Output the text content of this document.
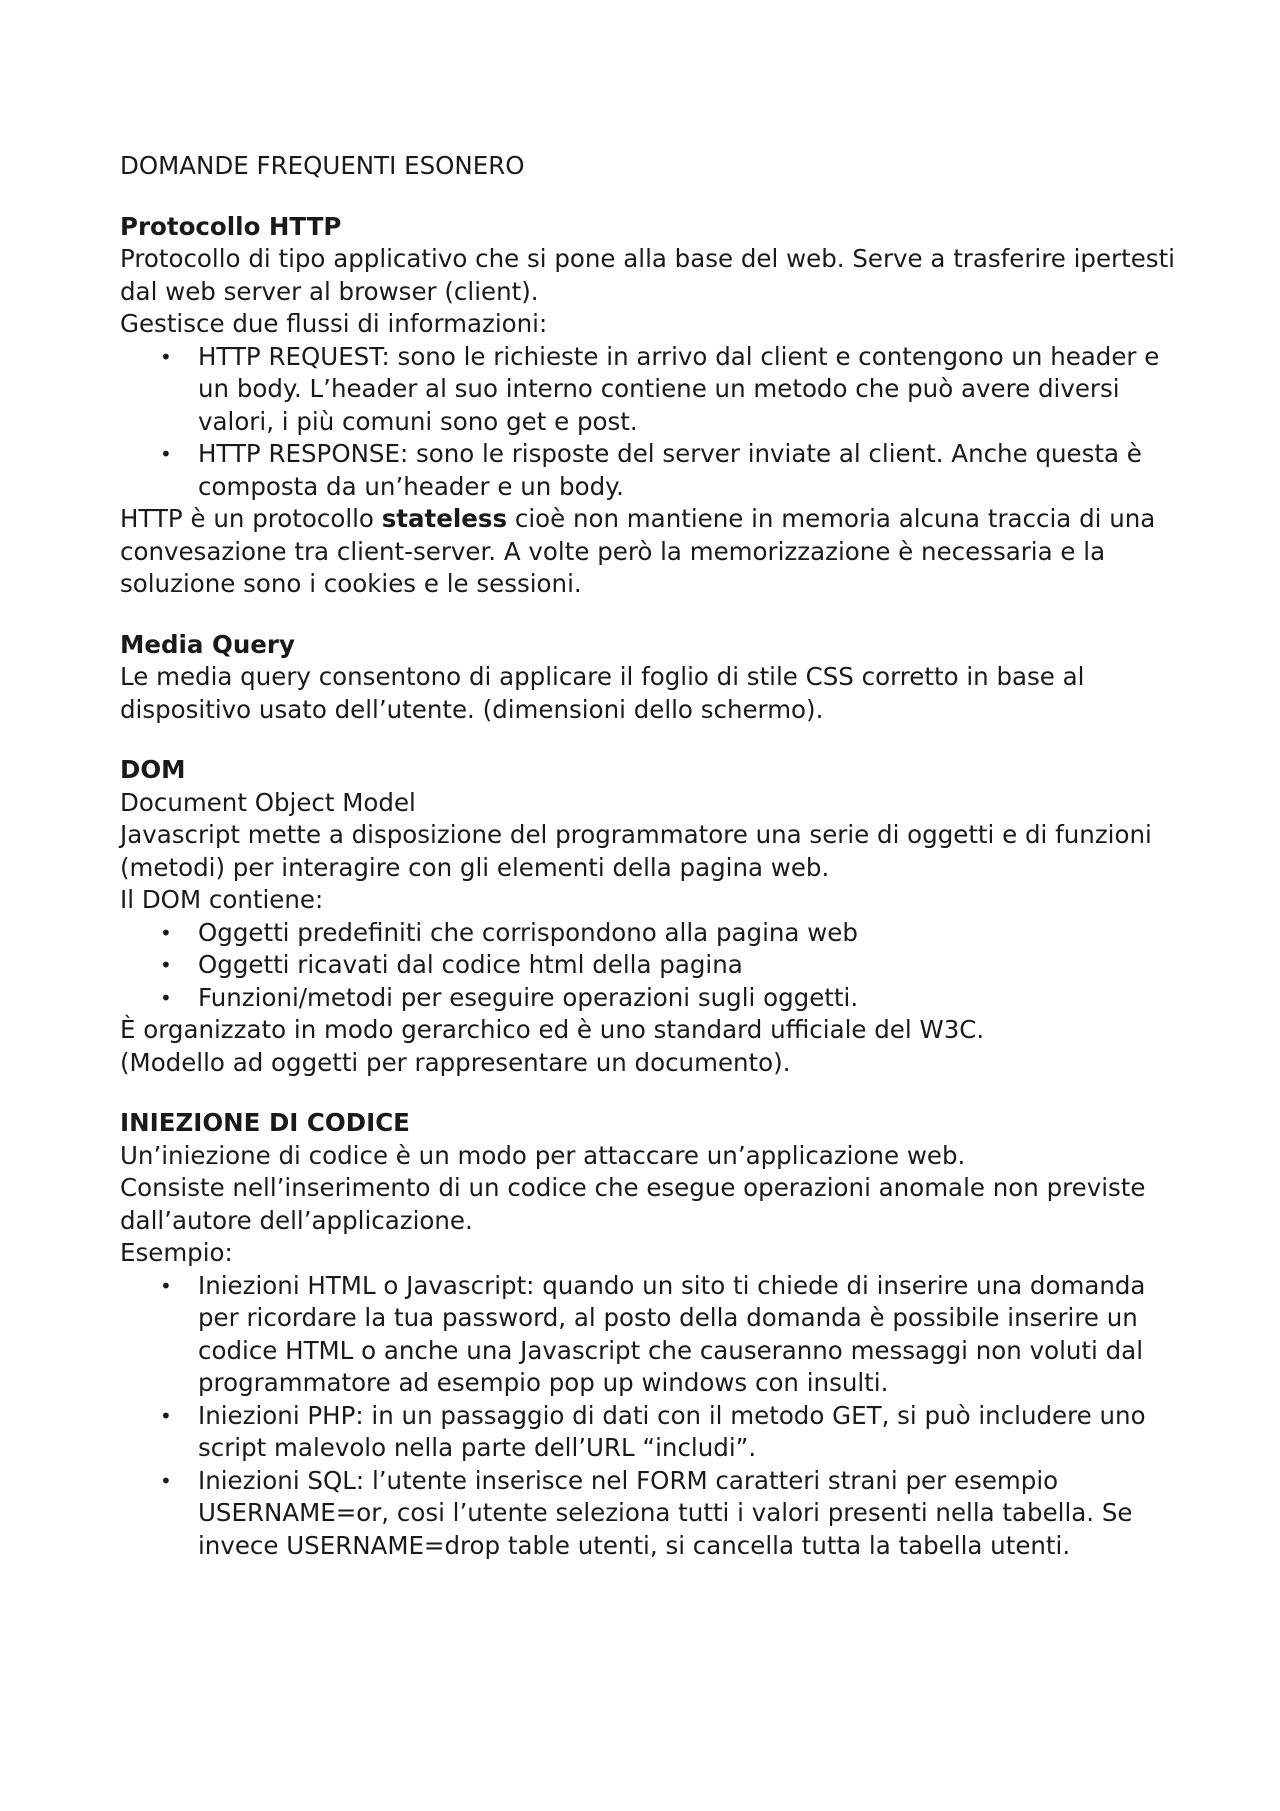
DOMANDE FREQUENTI ESONERO

Protocollo HTTP

Protocollo di tipo applicativo che si pone alla base del web. Serve a trasferire ipertesti dal web server al browser (client).

Gestisce due flussi di informazioni:

• HTTP REQUEST: sono le richieste in arrivo dal client e contengono un header e un body. L’header al suo interno contiene un metodo che può avere diversi valori, i più comuni sono get e post.
• HTTP RESPONSE: sono le risposte del server inviate al client. Anche questa è composta da un’header e un body.

HTTP è un protocollo stateless cioè non mantiene in memoria alcuna traccia di una convesazione tra client-server. A volte però la memorizzazione è necessaria e la soluzione sono i cookies e le sessioni.

Media Query

Le media query consentono di applicare il foglio di stile CSS corretto in base al dispositivo usato dell’utente. (dimensioni dello schermo).

DOM

Document Object Model

Javascript mette a disposizione del programmatore una serie di oggetti e di funzioni (metodi) per interagire con gli elementi della pagina web.

Il DOM contiene:

• Oggetti predefiniti che corrispondono alla pagina web
• Oggetti ricavati dal codice html della pagina
• Funzioni/metodi per eseguire operazioni sugli oggetti.

È organizzato in modo gerarchico ed è uno standard ufficiale del W3C.

(Modello ad oggetti per rappresentare un documento).

INIEZIONE DI CODICE

Un’iniezione di codice è un modo per attaccare un’applicazione web.

Consiste nell’inserimento di un codice che esegue operazioni anomale non previste dall’autore dell’applicazione.

Esempio:

• Iniezioni HTML o Javascript: quando un sito ti chiede di inserire una domanda per ricordare la tua password, al posto della domanda è possibile inserire un codice HTML o anche una Javascript che causeranno messaggi non voluti dal programmatore ad esempio pop up windows con insulti.
• Iniezioni PHP: in un passaggio di dati con il metodo GET, si può includere uno script malevolo nella parte dell’URL “includi”.
• Iniezioni SQL: l’utente inserisce nel FORM caratteri strani per esempio USERNAME=or, cosi l’utente seleziona tutti i valori presenti nella tabella. Se invece USERNAME=drop table utenti, si cancella tutta la tabella utenti.
